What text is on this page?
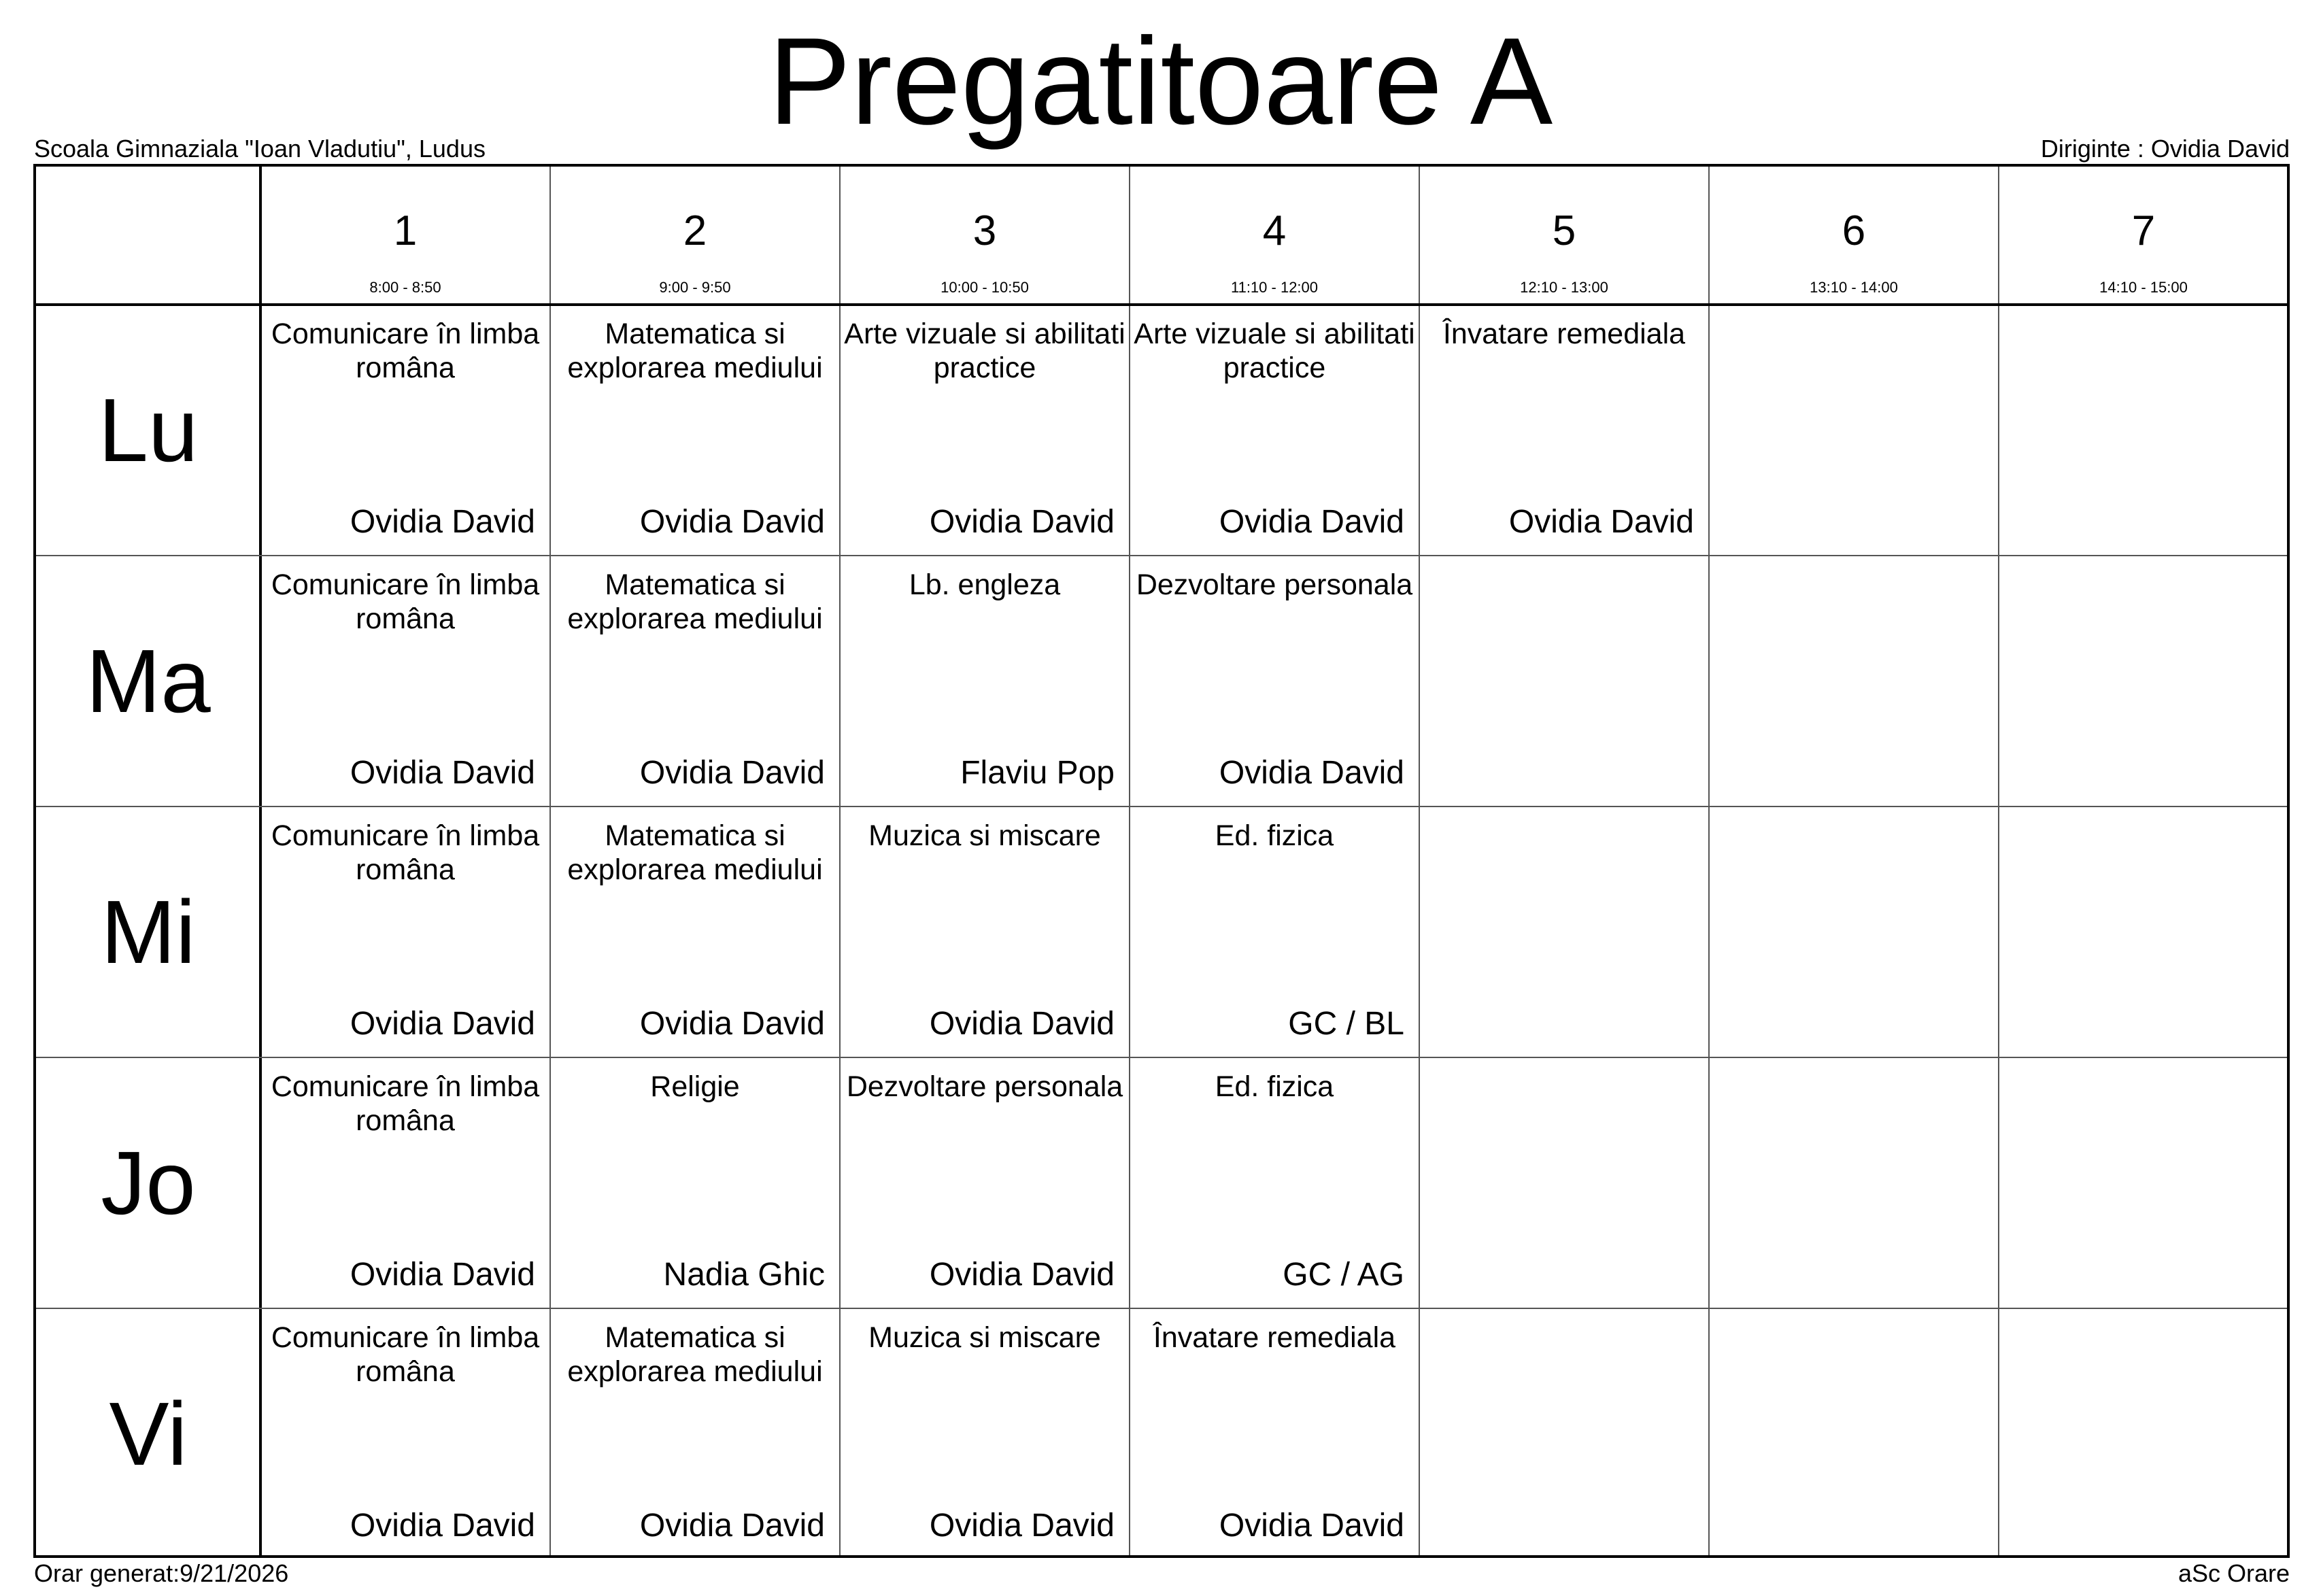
Pregatitoare A
Scoala Gimnaziala "Ioan Vladutiu", Ludus	Diriginte : Ovidia David
1
8:00 - 8:50
2
9:00 - 9:50
3
10:00 - 10:50
4
11:10 - 12:00
5
12:10 - 13:00
6
13:10 - 14:00
7
14:10 - 15:00
Lu
Comunicare în limba
româna
Ovidia David
Matematica si
explorarea mediului
Ovidia David
Arte vizuale si abilitati
practice
Ovidia David
Arte vizuale si abilitati
practice
Ovidia David
Învatare remediala
Ovidia David
Ma
Comunicare în limba
româna
Ovidia David
Matematica si
explorarea mediului
Ovidia David
Lb. engleza
Flaviu Pop
Dezvoltare personala
Ovidia David
Mi
Comunicare în limba
româna
Ovidia David
Matematica si
explorarea mediului
Ovidia David
Muzica si miscare
Ovidia David
Ed. fizica
GC / BL
Jo
Comunicare în limba
româna
Ovidia David
Religie
Nadia Ghic
Dezvoltare personala
Ovidia David
Ed. fizica
GC / AG
Vi
Comunicare în limba
româna
Ovidia David
Matematica si
explorarea mediului
Ovidia David
Muzica si miscare
Ovidia David
Învatare remediala
Ovidia David
Orar generat:9/21/2026	aSc Orare
